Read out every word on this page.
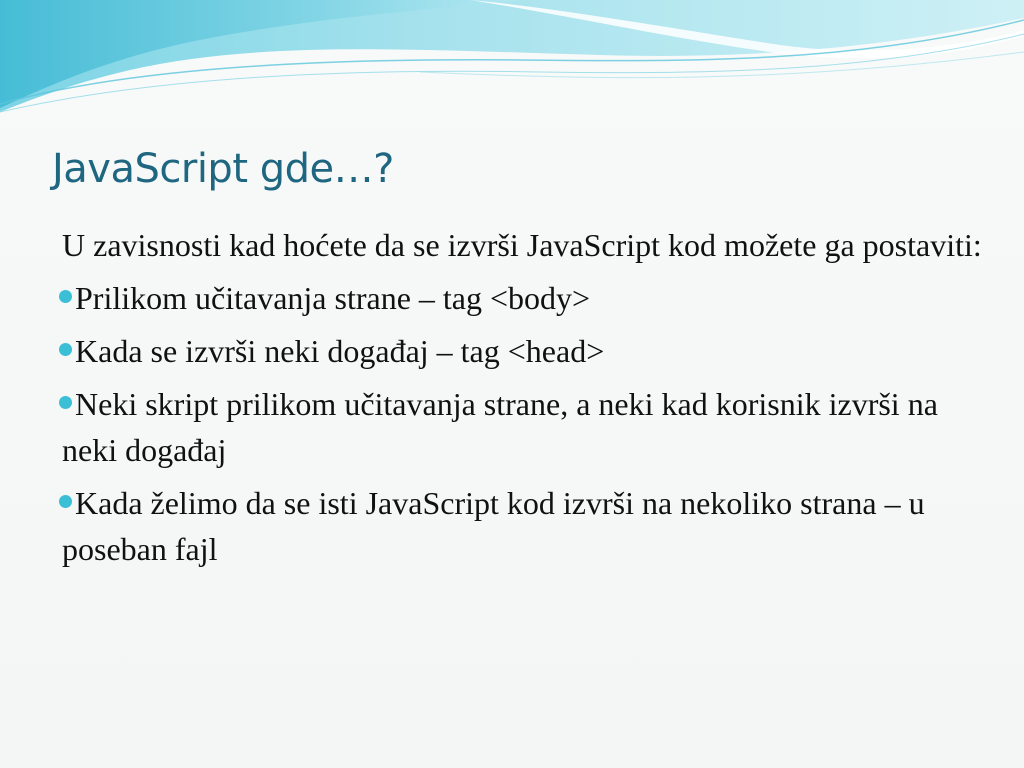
JavaScript gde…?

U zavisnosti kad hoćete da se izvrši JavaScript kod možete ga postaviti:

Prilikom učitavanja strane – tag <body>
Kada se izvrši neki događaj – tag <head>
Neki skript prilikom učitavanja strane, a neki kad korisnik izvrši na neki događaj
Kada želimo da se isti JavaScript kod izvrši na nekoliko strana – u poseban fajl
